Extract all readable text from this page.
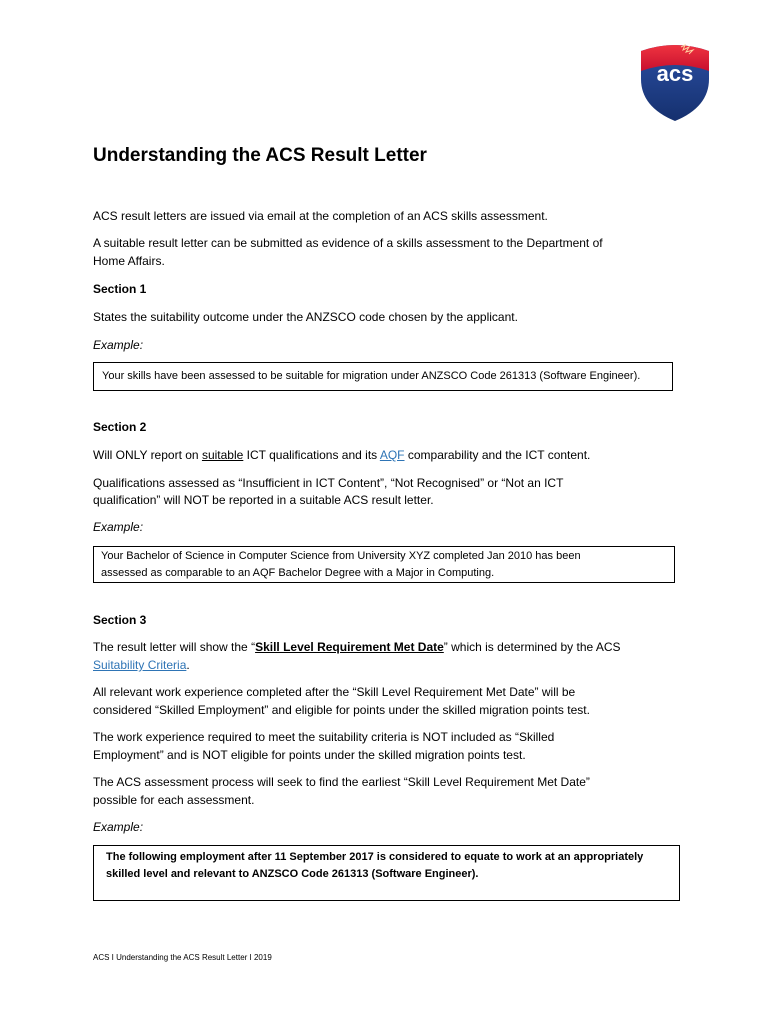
acs
Understanding the ACS Result Letter
ACS result letters are issued via email at the completion of an ACS skills assessment.
A suitable result letter can be submitted as evidence of a skills assessment to the Department of
Home Affairs.
Section 1
States the suitability outcome under the ANZSCO code chosen by the applicant.
Example:
Your skills have been assessed to be suitable for migration under ANZSCO Code 261313 (Software Engineer).
Section 2
Will ONLY report on suitable ICT qualifications and its AQF comparability and the ICT content.
Qualifications assessed as “Insufficient in ICT Content”, “Not Recognised” or “Not an ICT
qualification” will NOT be reported in a suitable ACS result letter.
Example:
Your Bachelor of Science in Computer Science from University XYZ completed Jan 2010 has been
assessed as comparable to an AQF Bachelor Degree with a Major in Computing.
Section 3
The result letter will show the “Skill Level Requirement Met Date” which is determined by the ACS
Suitability Criteria.
All relevant work experience completed after the “Skill Level Requirement Met Date” will be
considered “Skilled Employment” and eligible for points under the skilled migration points test.
The work experience required to meet the suitability criteria is NOT included as “Skilled
Employment” and is NOT eligible for points under the skilled migration points test.
The ACS assessment process will seek to find the earliest “Skill Level Requirement Met Date”
possible for each assessment.
Example:
The following employment after 11 September 2017 is considered to equate to work at an appropriately
skilled level and relevant to ANZSCO Code 261313 (Software Engineer).
ACS I Understanding the ACS Result Letter I 2019
